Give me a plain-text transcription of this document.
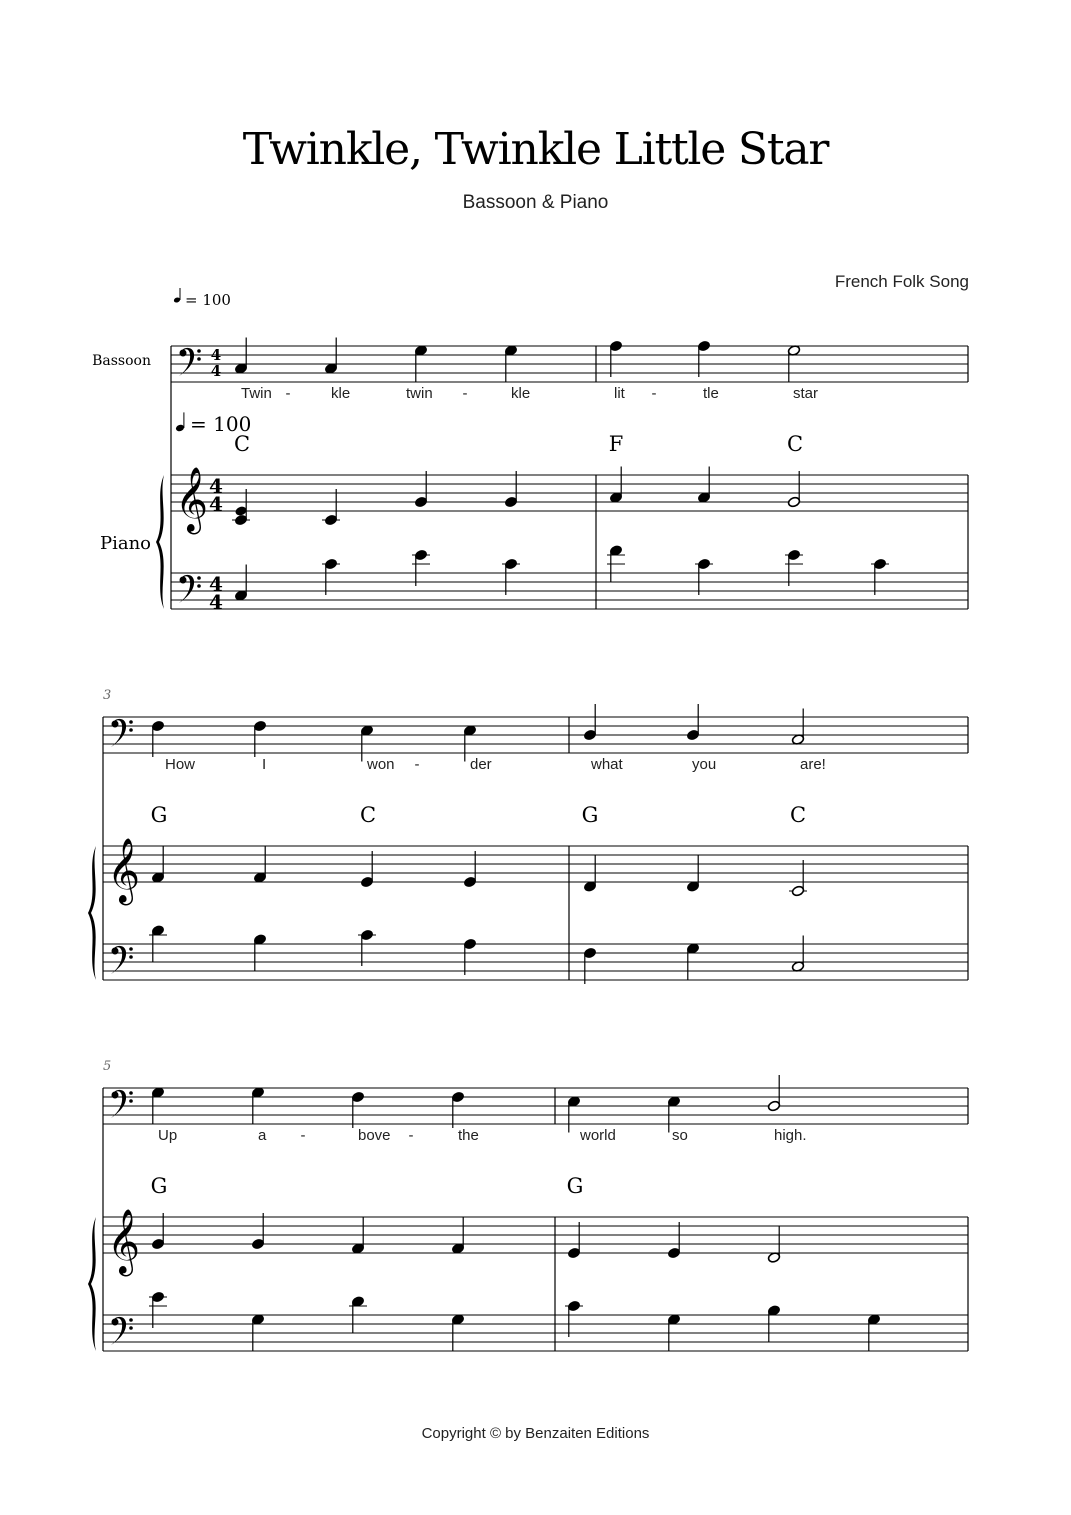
Twinkle, Twinkle Little Star
Bassoon & Piano
French Folk Song
Copyright © by Benzaiten Editions
𝄞
4
4
4
4
4
4
Twin -	kle	twin -	kle	lit -	tle	star
C	F	C
𝄞
How	I	won -	der	what	you	are!
G	C	G	C
3
𝄞
Up	a -	bove -	the	world	so	high.
G	G
5
= 100
= 100
Bassoon
Piano
